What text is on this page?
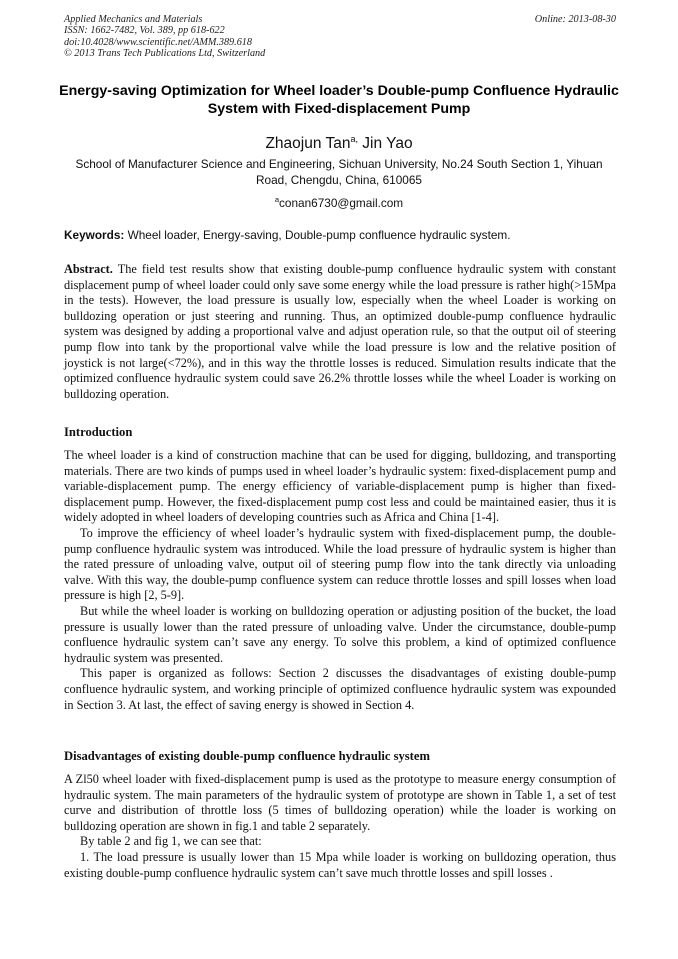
Applied Mechanics and Materials
ISSN: 1662-7482, Vol. 389, pp 618-622
doi:10.4028/www.scientific.net/AMM.389.618
© 2013 Trans Tech Publications Ltd, Switzerland
Online: 2013-08-30
Energy-saving Optimization for Wheel loader’s Double-pump Confluence Hydraulic System with Fixed-displacement Pump
Zhaojun Tan$^{a,}$ Jin Yao
School of Manufacturer Science and Engineering, Sichuan University, No.24 South Section 1, Yihuan Road, Chengdu, China, 610065
$^a$conan6730@gmail.com
Keywords: Wheel loader, Energy-saving, Double-pump confluence hydraulic system.

Abstract. The field test results show that existing double-pump confluence hydraulic system with constant displacement pump of wheel loader could only save some energy while the load pressure is rather high(>15Mpa in the tests). However, the load pressure is usually low, especially when the wheel Loader is working on bulldozing operation or just steering and running. Thus, an optimized double-pump confluence hydraulic system was designed by adding a proportional valve and adjust operation rule, so that the output oil of steering pump flow into tank by the proportional valve while the load pressure is low and the relative position of joystick is not large(<72%), and in this way the throttle losses is reduced. Simulation results indicate that the optimized confluence hydraulic system could save 26.2% throttle losses while the wheel Loader is working on bulldozing operation.

Introduction

The wheel loader is a kind of construction machine that can be used for digging, bulldozing, and transporting materials. There are two kinds of pumps used in wheel loader’s hydraulic system: fixed-displacement pump and variable-displacement pump. The energy efficiency of variable-displacement pump is higher than fixed-displacement pump. However, the fixed-displacement pump cost less and could be maintained easier, thus it is widely adopted in wheel loaders of developing countries such as Africa and China [1-4].

To improve the efficiency of wheel loader’s hydraulic system with fixed-displacement pump, the double-pump confluence hydraulic system was introduced. While the load pressure of hydraulic system is higher than the rated pressure of unloading valve, output oil of steering pump flow into the tank directly via unloading valve. With this way, the double-pump confluence system can reduce throttle losses and spill losses when load pressure is high [2, 5-9].

But while the wheel loader is working on bulldozing operation or adjusting position of the bucket, the load pressure is usually lower than the rated pressure of unloading valve. Under the circumstance, double-pump confluence hydraulic system can’t save any energy. To solve this problem, a kind of optimized confluence hydraulic system was presented.

This paper is organized as follows: Section 2 discusses the disadvantages of existing double-pump confluence hydraulic system, and working principle of optimized confluence hydraulic system was expounded in Section 3. At last, the effect of saving energy is showed in Section 4.

Disadvantages of existing double-pump confluence hydraulic system

A Zl50 wheel loader with fixed-displacement pump is used as the prototype to measure energy consumption of hydraulic system. The main parameters of the hydraulic system of prototype are shown in Table 1, a set of test curve and distribution of throttle loss (5 times of bulldozing operation) while the loader is working on bulldozing operation are shown in fig.1 and table 2 separately.

By table 2 and fig 1, we can see that:

1. The load pressure is usually lower than 15 Mpa while loader is working on bulldozing operation, thus existing double-pump confluence hydraulic system can’t save much throttle losses and spill losses .
